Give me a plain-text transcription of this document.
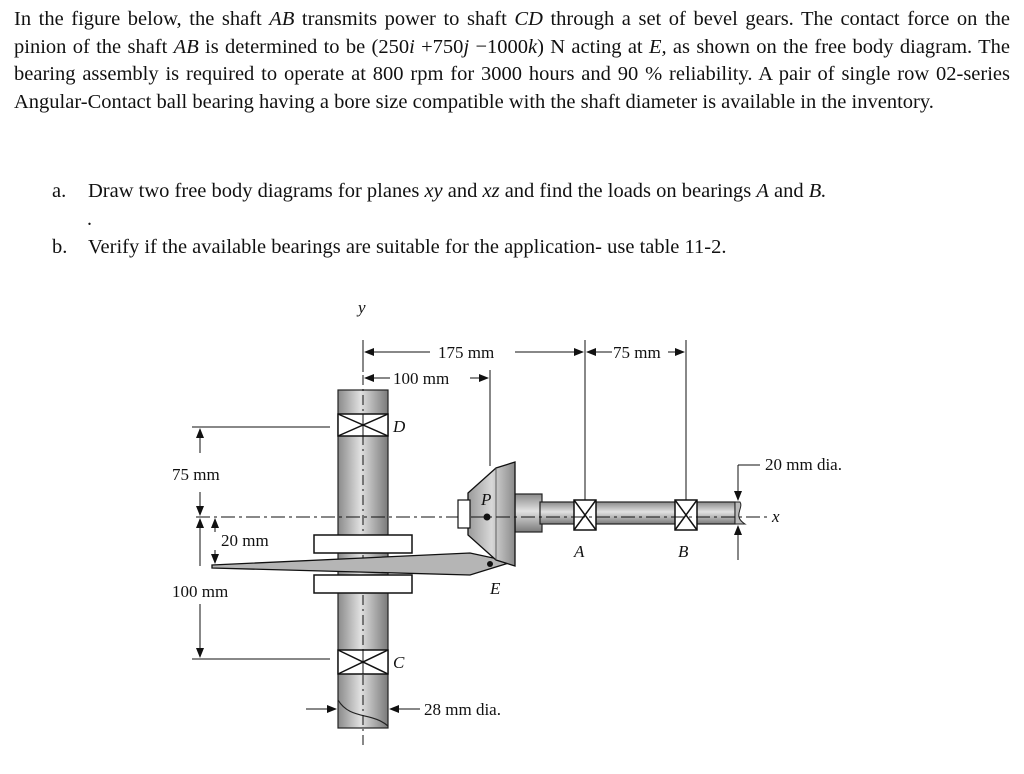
In the figure below, the shaft AB transmits power to shaft CD through a set of bevel gears. The contact force on the pinion of the shaft AB is determined to be (250i +750j −1000k) N acting at E, as shown on the free body diagram. The bearing assembly is required to operate at 800 rpm for 3000 hours and 90 % reliability. A pair of single row 02-series Angular-Contact ball bearing having a bore size compatible with the shaft diameter is available in the inventory.
a. Draw two free body diagrams for planes xy and xz and find the loads on bearings A and B.
.
b. Verify if the available bearings are suitable for the application- use table 11-2.
y
D
C
x
P
E
A	B
175 mm	75 mm
100 mm
75 mm
20 mm
100 mm
20 mm dia.
28 mm dia.
